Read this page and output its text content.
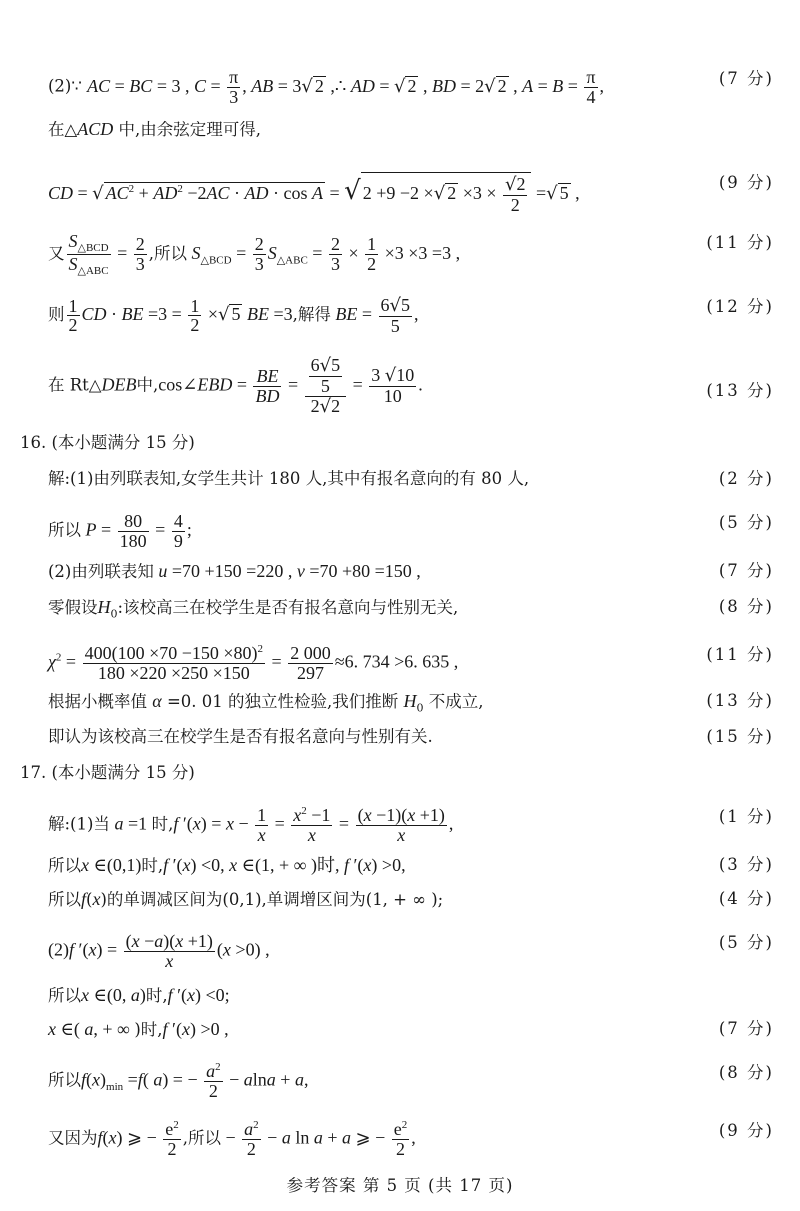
(2)∵ AC = BC = 3 , $C = \frac{\pi}{3}$ , AB = 3√ 2 ,∴ AD = √ 2 , BD = 2√ 2 , $A = B = \frac{\pi}{4}$ ,	(7 分)
在△ACD 中,由余弦定理可得,
CD = √ $AC^2 + AD^2 -2AC$ · AD · cos A = √ 2 +9 −2 ×√ $2 \times 3 \times \frac{√2}{2}$ =√ 5 ,
(9 分)
又 $\frac{S_{\triangle BCD}}{S_{\triangle ABC}} = \frac{2}{3}$ ,所以 $S_{\triangle BCD} = \frac{2}{3} S_{\triangle ABC} = \frac{2}{3} \times \frac{1}{2} \times 3 \times 3 =3$ ,
(11 分)
则 $\frac{1}{2}$ CD · BE $=3 = \frac{1}{2}$ ×√ 5 BE =3,解得 BE = $\frac{6√5}{5}$ ,	(12 分)
在 Rt△DEB中,cos∠EBD = $\frac{BE}{BD} = \frac{\frac{6√5}{5}}{2√2} = \frac{3 √10}{10}$ .	(13 分)
16. (本小题满分 15 分)
解:(1)由列联表知,女学生共计 180 人,其中有报名意向的有 80 人,	(2 分)
所以 $P = \frac{80}{180} = \frac{4}{9}$ ;	(5 分)
(2)由列联表知 u =70 +150 =220 , v =70 +80 =150 ,	(7 分)
零假设$H_0$:该校高三在校学生是否有报名意向与性别无关,	(8 分)
$\chi^2 = \frac{400(100 \times 70 -150 \times 80)^2}{180 \times 220 \times 250 \times 150} = \frac{2 000}{297} \approx 6$. 734 >6. 635 ,	(11 分)
根据小概率值 α =0. 01 的独立性检验,我们推断 $H_0$ 不成立,	(13 分)
即认为该校高三在校学生是否有报名意向与性别有关.	(15 分)
17. (本小题满分 15 分)
解:(1)当 a =1 时,f $'(x) = x - \frac{1}{x} = \frac{x^2 -1}{x} = \frac{(x -1)(x +1)}{x}$ ,	(1 分)
所以x ∈(0,1)时,f ′(x) <0, x ∈(1, + ∞ )时, f ′(x) >0,	(3 分)
所以f(x)的单调减区间为(0,1),单调增区间为(1, + ∞ );	(4 分)
(2)f $'(x) = \frac{(x -a)(x +1)}{x} (x >0)$ ,	(5 分)
所以x ∈(0, a)时,f ′(x) <0;
x ∈( a, + ∞ )时,f ′(x) >0 ,	(7 分)
所以$f(x)_{min} =f$( a) = − $\frac{a^2}{2} - alna + a$,	(8 分)
又因为f(x) ⩾ − $\frac{e^2}{2}$ ,所以 − $\frac{a^2}{2} - a$ ln a + a ⩾ − $\frac{e^2}{2}$ ,	(9 分)
参考答案 第 5 页 (共 17 页)
